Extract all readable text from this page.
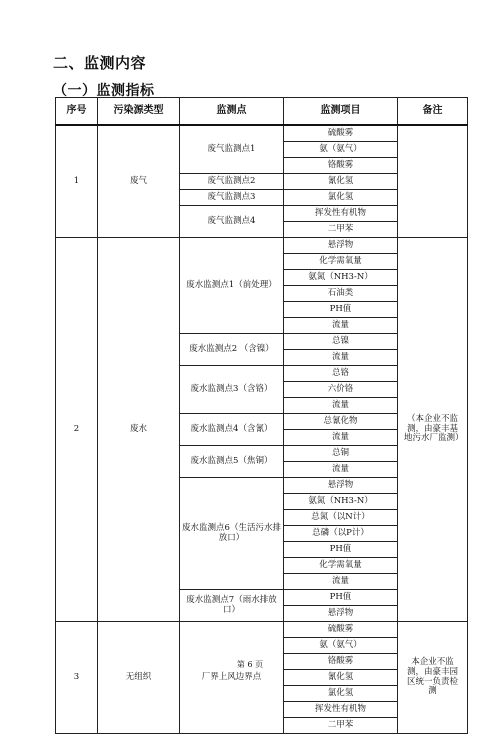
二、监测内容
（一）监测指标
序号	污染源类型	监测点	监测项目	备注
1	废气	废气监测点1	硫酸雾	
			氨（氨气）	
			铬酸雾	
		废气监测点2	氰化氢	
		废气监测点3	氯化氢	
		废气监测点4	挥发性有机物	
			二甲苯	
2	废水	废水监测点1（前处理）	悬浮物	（本企业不监测，由豪丰基地污水厂监测）
			化学需氧量	
			氨氮（NH3-N）	
			石油类	
			PH值	
			流量	
		废水监测点2 （含镍）	总镍	
			流量	
		废水监测点3（含铬）	总铬	
			六价铬	
			流量	
		废水监测点4（含氰）	总氰化物	
			流量	
		废水监测点5（焦铜）	总铜	
			流量	
		废水监测点6（生活污水排放口）	悬浮物	
			氨氮（NH3-N）	
			总氮（以N计）	
			总磷（以P计）	
			PH值	
			化学需氧量	
			流量	
		废水监测点7（雨水排放口）	PH值	
			悬浮物	
3	无组织	厂界上风边界点	硫酸雾	本企业不监测，由豪丰园区统一负责检测
			氨（氨气）	
			铬酸雾	
			氰化氢	
			氯化氢	
			挥发性有机物	
			二甲苯	
第 6 页
